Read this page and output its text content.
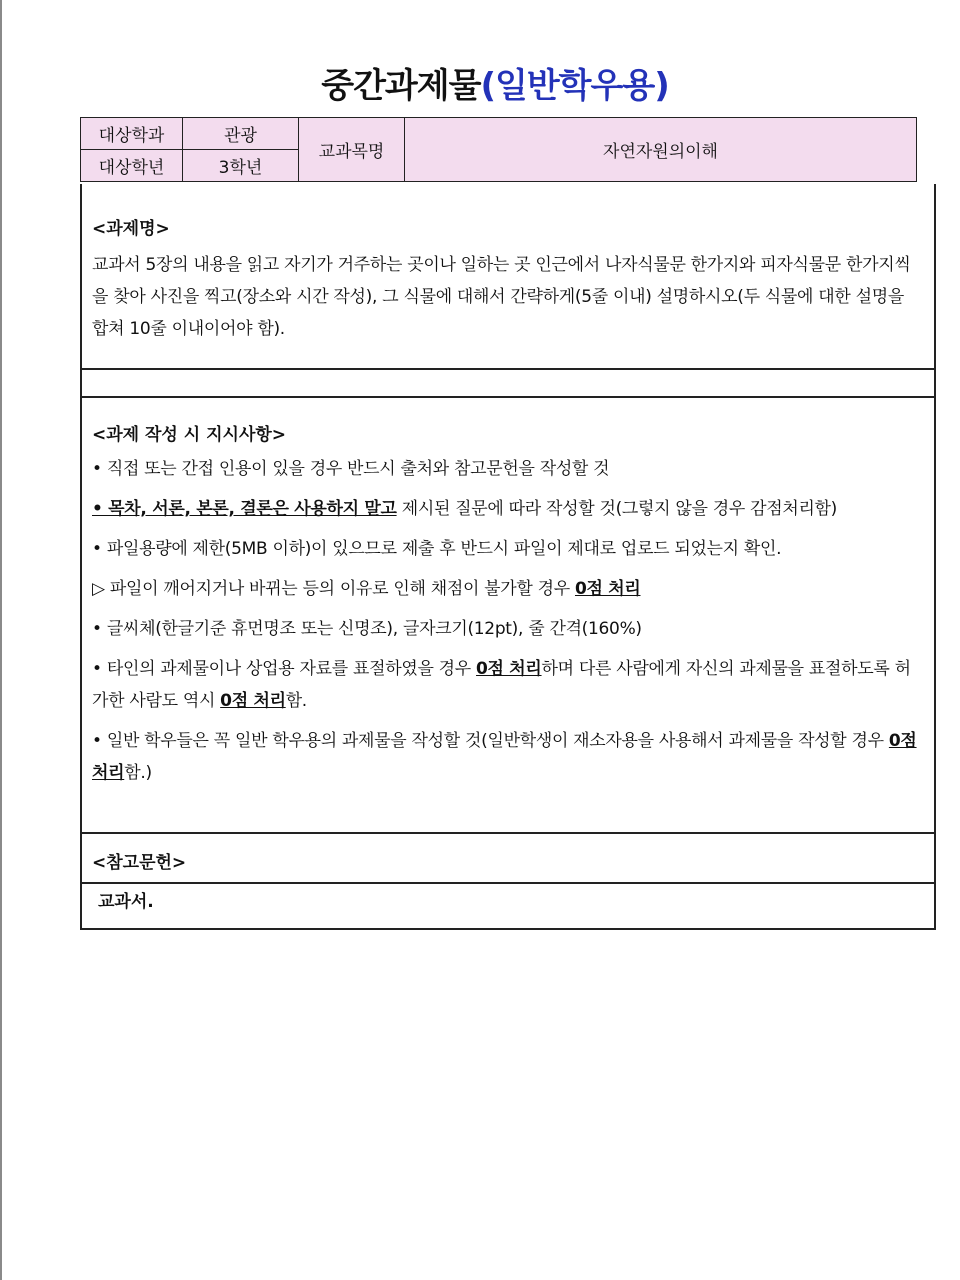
중간과제물(일반학우용)
대상학과	관광	교과목명	자연자원의이해
대상학년	3학년		

<과제명>

교과서 5장의 내용을 읽고 자기가 거주하는 곳이나 일하는 곳 인근에서 나자식물문 한가지와 피자식물문 한가지씩을 찾아 사진을 찍고(장소와 시간 작성), 그 식물에 대해서 간략하게(5줄 이내) 설명하시오(두 식물에 대한 설명을 합쳐 10줄 이내이어야 함).

<과제 작성 시 지시사항>

• 직접 또는 간접 인용이 있을 경우 반드시 출처와 참고문헌을 작성할 것

• 목차, 서론, 본론, 결론은 사용하지 말고 제시된 질문에 따라 작성할 것(그렇지 않을 경우 감점처리함)

• 파일용량에 제한(5MB 이하)이 있으므로 제출 후 반드시 파일이 제대로 업로드 되었는지 확인.

▷ 파일이 깨어지거나 바뀌는 등의 이유로 인해 채점이 불가할 경우 0점 처리

• 글씨체(한글기준 휴먼명조 또는 신명조), 글자크기(12pt), 줄 간격(160%)

• 타인의 과제물이나 상업용 자료를 표절하였을 경우 0점 처리하며 다른 사람에게 자신의 과제물을 표절하도록 허가한 사람도 역시 0점 처리함.

• 일반 학우들은 꼭 일반 학우용의 과제물을 작성할 것(일반학생이 재소자용을 사용해서 과제물을 작성할 경우 0점 처리함.)

<참고문헌>

교과서.
